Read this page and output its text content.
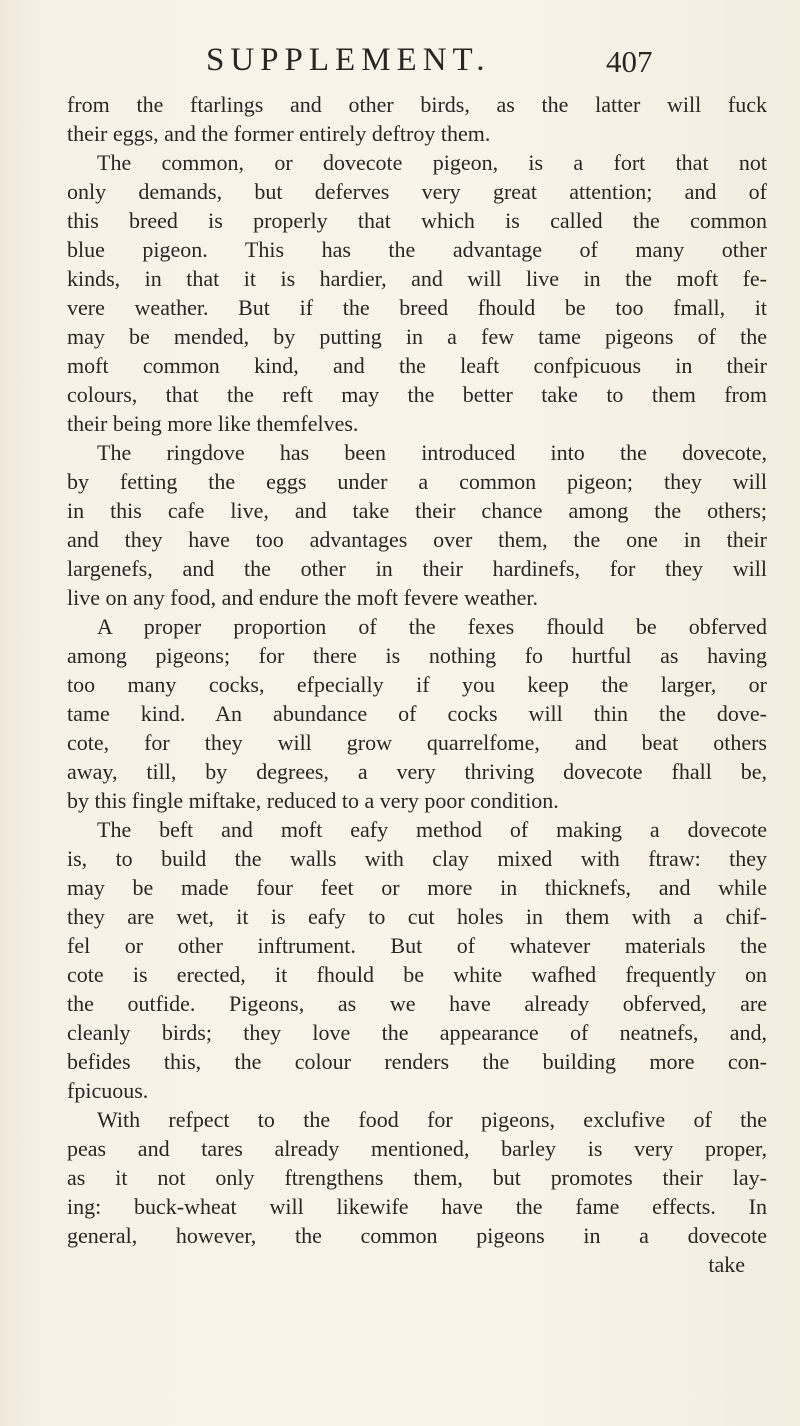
SUPPLEMENT.	407
from the ftarlings and other birds, as the latter will fuck
their eggs, and the former entirely deftroy them.
The common, or dovecote pigeon, is a fort that not
only demands, but deferves very great attention; and of
this breed is properly that which is called the common
blue pigeon. This has the advantage of many other
kinds, in that it is hardier, and will live in the moft fe-
vere weather. But if the breed fhould be too fmall, it
may be mended, by putting in a few tame pigeons of the
moft common kind, and the leaft confpicuous in their
colours, that the reft may the better take to them from
their being more like themfelves.
The ringdove has been introduced into the dovecote,
by fetting the eggs under a common pigeon; they will
in this cafe live, and take their chance among the others;
and they have too advantages over them, the one in their
largenefs, and the other in their hardinefs, for they will
live on any food, and endure the moft fevere weather.
A proper proportion of the fexes fhould be obferved
among pigeons; for there is nothing fo hurtful as having
too many cocks, efpecially if you keep the larger, or
tame kind. An abundance of cocks will thin the dove-
cote, for they will grow quarrelfome, and beat others
away, till, by degrees, a very thriving dovecote fhall be,
by this fingle miftake, reduced to a very poor condition.
The beft and moft eafy method of making a dovecote
is, to build the walls with clay mixed with ftraw: they
may be made four feet or more in thicknefs, and while
they are wet, it is eafy to cut holes in them with a chif-
fel or other inftrument. But of whatever materials the
cote is erected, it fhould be white wafhed frequently on
the outfide. Pigeons, as we have already obferved, are
cleanly birds; they love the appearance of neatnefs, and,
befides this, the colour renders the building more con-
fpicuous.
With refpect to the food for pigeons, exclufive of the
peas and tares already mentioned, barley is very proper,
as it not only ftrengthens them, but promotes their lay-
ing: buck-wheat will likewife have the fame effects. In
general, however, the common pigeons in a dovecote
take
